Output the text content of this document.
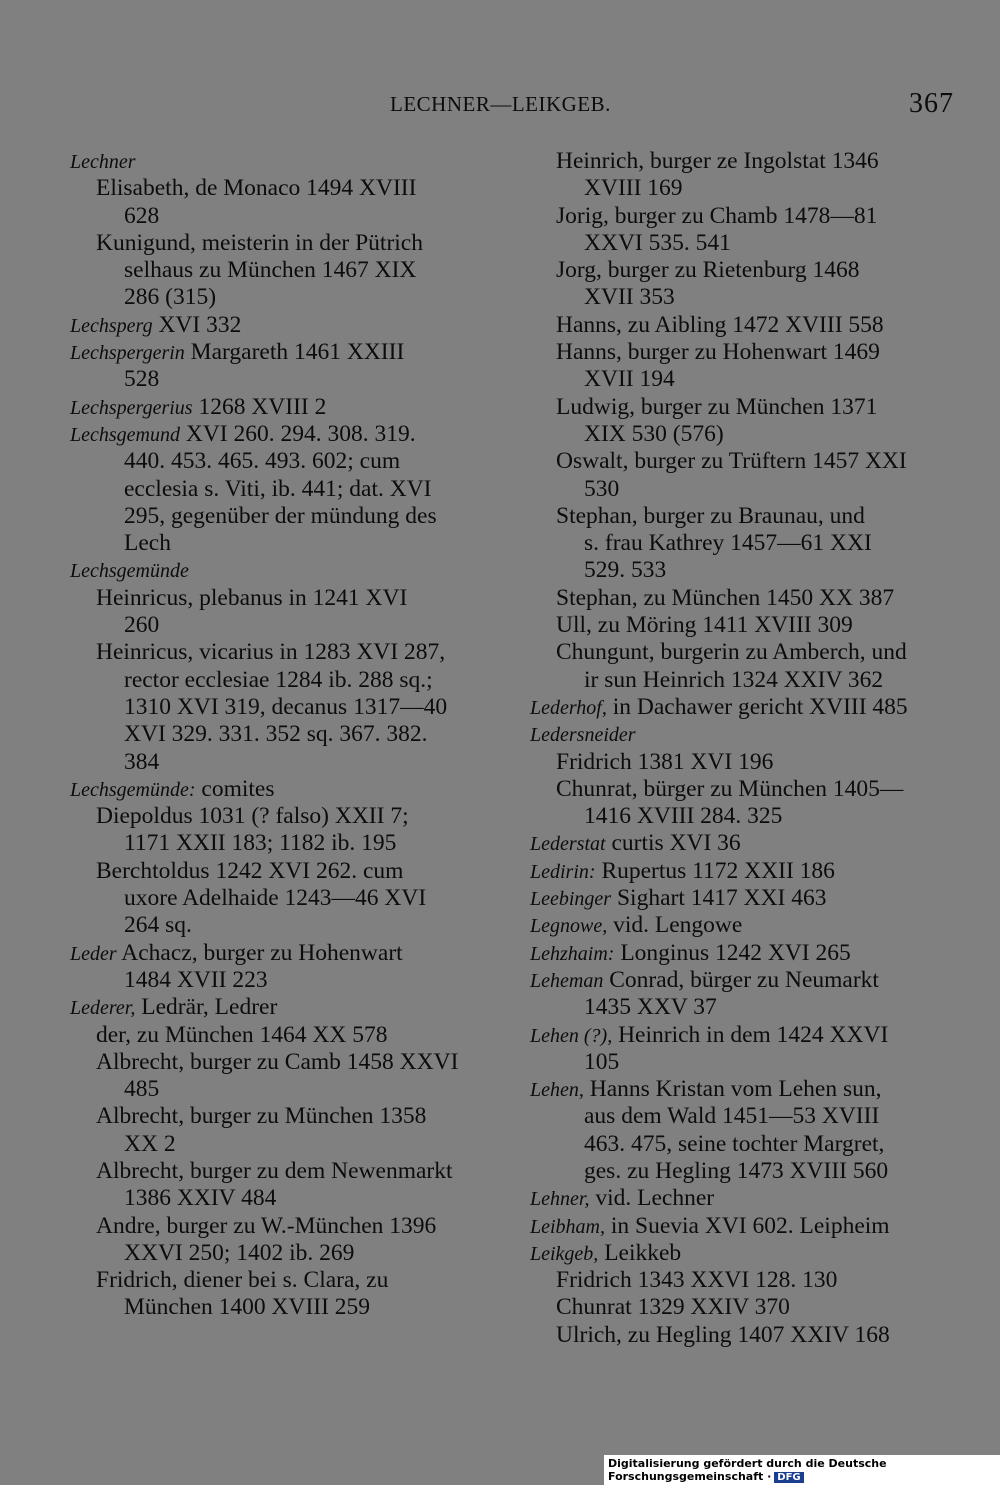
LECHNER—LEIKGEB.	367
Lechner
Elisabeth, de Monaco 1494 XVIII
628
Kunigund, meisterin in der Pütrich
selhaus zu München 1467 XIX
286 (315)
Lechsperg XVI 332
Lechspergerin Margareth 1461 XXIII
528
Lechspergerius 1268 XVIII 2
Lechsgemund XVI 260. 294. 308. 319.
440. 453. 465. 493. 602; cum
ecclesia s. Viti, ib. 441; dat. XVI
295, gegenüber der mündung des
Lech
Lechsgemünde
Heinricus, plebanus in 1241 XVI
260
Heinricus, vicarius in 1283 XVI 287,
rector ecclesiae 1284 ib. 288 sq.;
1310 XVI 319, decanus 1317—40
XVI 329. 331. 352 sq. 367. 382.
384
Lechsgemünde: comites
Diepoldus 1031 (? falso) XXII 7;
1171 XXII 183; 1182 ib. 195
Berchtoldus 1242 XVI 262. cum
uxore Adelhaide 1243—46 XVI
264 sq.
Leder Achacz, burger zu Hohenwart
1484 XVII 223
Lederer, Ledrär, Ledrer
der, zu München 1464 XX 578
Albrecht, burger zu Camb 1458 XXVI
485
Albrecht, burger zu München 1358
XX 2
Albrecht, burger zu dem Newenmarkt
1386 XXIV 484
Andre, burger zu W.-München 1396
XXVI 250; 1402 ib. 269
Fridrich, diener bei s. Clara, zu
München 1400 XVIII 259
Heinrich, burger ze Ingolstat 1346
XVIII 169
Jorig, burger zu Chamb 1478—81
XXVI 535. 541
Jorg, burger zu Rietenburg 1468
XVII 353
Hanns, zu Aibling 1472 XVIII 558
Hanns, burger zu Hohenwart 1469
XVII 194
Ludwig, burger zu München 1371
XIX 530 (576)
Oswalt, burger zu Trüftern 1457 XXI
530
Stephan, burger zu Braunau, und
s. frau Kathrey 1457—61 XXI
529. 533
Stephan, zu München 1450 XX 387
Ull, zu Möring 1411 XVIII 309
Chungunt, burgerin zu Amberch, und
ir sun Heinrich 1324 XXIV 362
Lederhof, in Dachawer gericht XVIII 485
Ledersneider
Fridrich 1381 XVI 196
Chunrat, bürger zu München 1405—
1416 XVIII 284. 325
Lederstat curtis XVI 36
Ledirin: Rupertus 1172 XXII 186
Leebinger Sighart 1417 XXI 463
Legnowe, vid. Lengowe
Lehzhaim: Longinus 1242 XVI 265
Leheman Conrad, bürger zu Neumarkt
1435 XXV 37
Lehen (?), Heinrich in dem 1424 XXVI
105
Lehen, Hanns Kristan vom Lehen sun,
aus dem Wald 1451—53 XVIII
463. 475, seine tochter Margret,
ges. zu Hegling 1473 XVIII 560
Lehner, vid. Lechner
Leibham, in Suevia XVI 602. Leipheim
Leikgeb, Leikkeb
Fridrich 1343 XXVI 128. 130
Chunrat 1329 XXIV 370
Ulrich, zu Hegling 1407 XXIV 168
Digitalisierung gefördert durch die Deutsche Forschungsgemeinschaft · DFG
